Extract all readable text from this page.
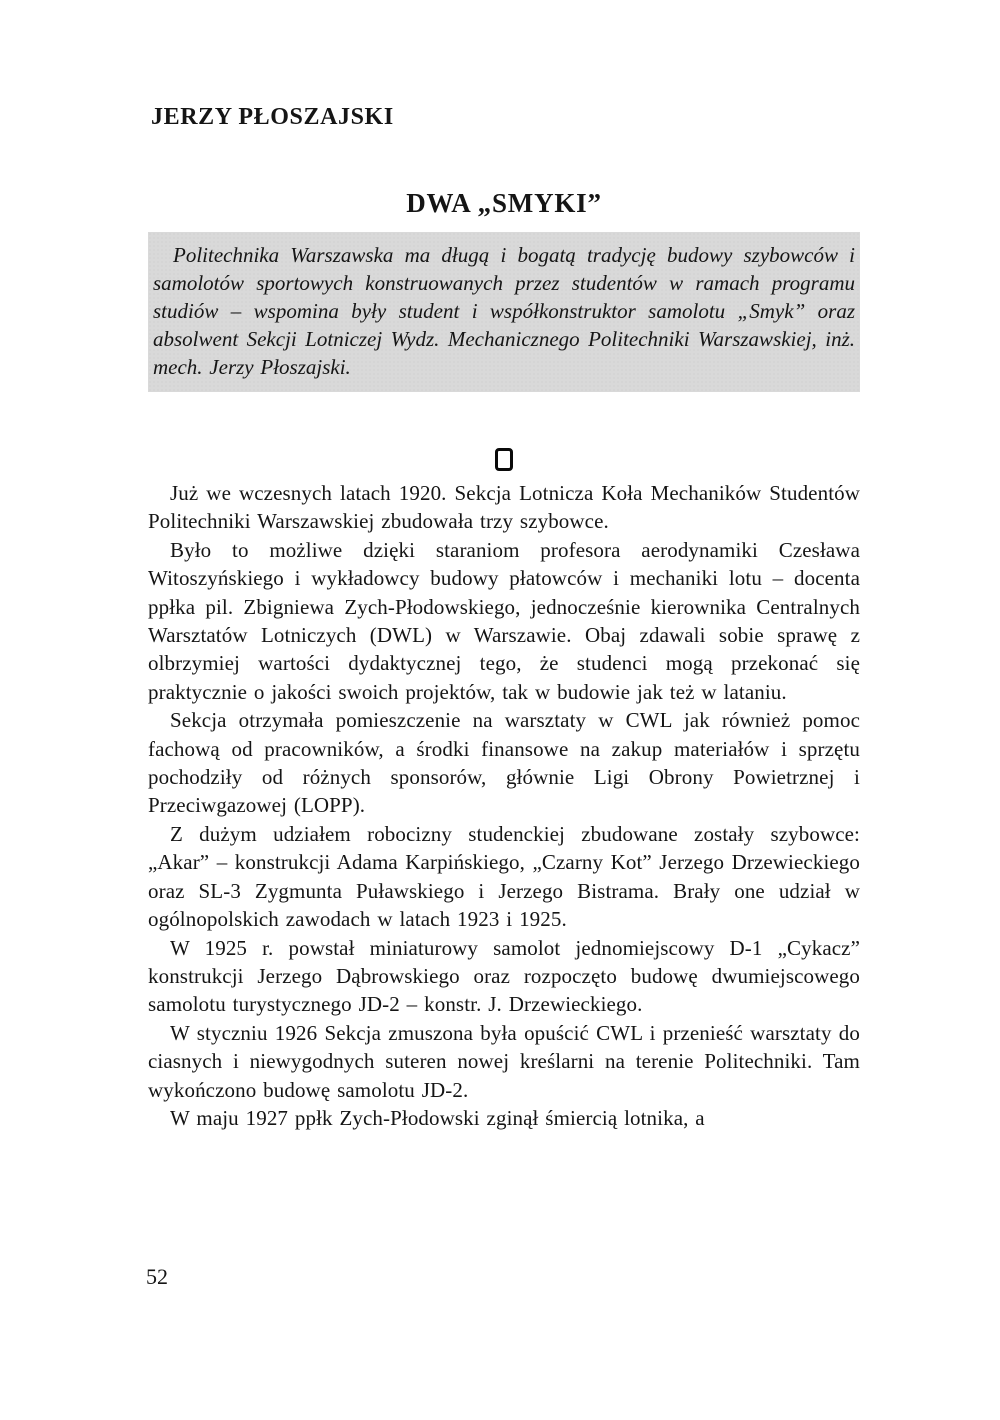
JERZY PŁOSZAJSKI
DWA „SMYKI”

Politechnika Warszawska ma długą i bogatą tradycję budowy szybowców i samolotów sportowych konstruowanych przez studentów w ramach programu studiów – wspomina były student i współkonstruktor samolotu „Smyk” oraz absolwent Sekcji Lotniczej Wydz. Mechanicznego Politechniki Warszawskiej, inż. mech. Jerzy Płoszajski.

Już we wczesnych latach 1920. Sekcja Lotnicza Koła Mechaników Studentów Politechniki Warszawskiej zbudowała trzy szybowce.

Było to możliwe dzięki staraniom profesora aerodynamiki Czesława Witoszyńskiego i wykładowcy budowy płatowców i mechaniki lotu – docenta ppłka pil. Zbigniewa Zych-Płodowskiego, jednocześnie kierownika Centralnych Warsztatów Lotniczych (DWL) w Warszawie. Obaj zdawali sobie sprawę z olbrzymiej wartości dydaktycznej tego, że studenci mogą przekonać się praktycznie o jakości swoich projektów, tak w budowie jak też w lataniu.

Sekcja otrzymała pomieszczenie na warsztaty w CWL jak również pomoc fachową od pracowników, a środki finansowe na zakup materiałów i sprzętu pochodziły od różnych sponsorów, głównie Ligi Obrony Powietrznej i Przeciwgazowej (LOPP).

Z dużym udziałem robocizny studenckiej zbudowane zostały szybowce: „Akar” – konstrukcji Adama Karpińskiego, „Czarny Kot” Jerzego Drzewieckiego oraz SL-3 Zygmunta Puławskiego i Jerzego Bistrama. Brały one udział w ogólnopolskich zawodach w latach 1923 i 1925.

W 1925 r. powstał miniaturowy samolot jednomiejscowy D-1 „Cykacz” konstrukcji Jerzego Dąbrowskiego oraz rozpoczęto budowę dwumiejscowego samolotu turystycznego JD-2 – konstr. J. Drzewieckiego.

W styczniu 1926 Sekcja zmuszona była opuścić CWL i przenieść warsztaty do ciasnych i niewygodnych suteren nowej kreślarni na terenie Politechniki. Tam wykończono budowę samolotu JD-2.

W maju 1927 ppłk Zych-Płodowski zginął śmiercią lotnika, a

52
